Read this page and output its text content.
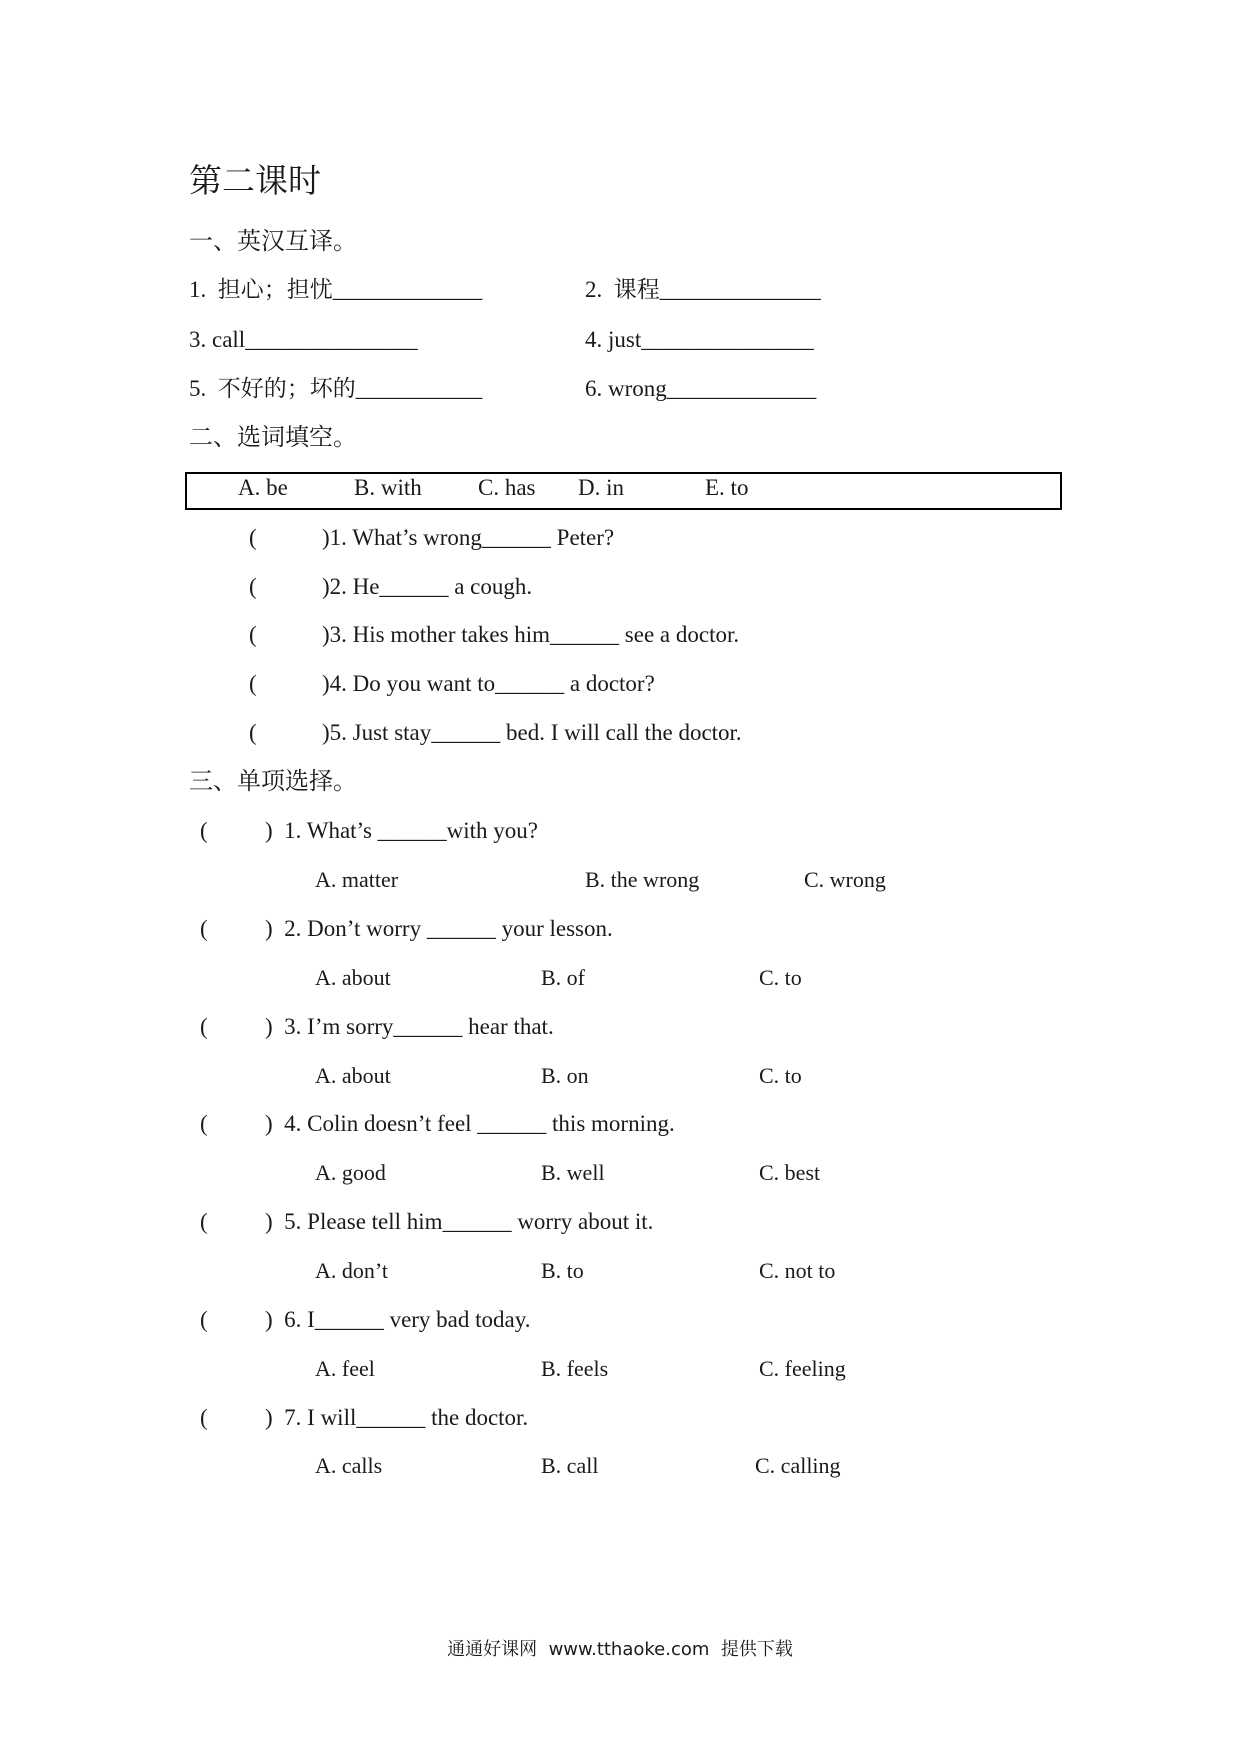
第二课时
一、英汉互译。
1.  担心；担忧_____________	2.  课程______________
3. call_______________	4. just_______________
5.  不好的；坏的___________	6. wrong_____________
二、选词填空。
A. be	B. with C. has D. in	E. to
(	)1. What’s wrong______ Peter?
(	)2. He______ a cough.
(	)3. His mother takes him______ see a doctor.
(	)4. Do you want to______ a doctor?
(	)5. Just stay______ bed. I will call the doctor.
三、单项选择。
( )  1. What’s ______with you?
A. matter	B. the wrong	C. wrong
( )  2. Don’t worry ______ your lesson.
A. about	B. of	C. to
( )  3. I’m sorry______ hear that.
A. about	B. on	C. to
( )  4. Colin doesn’t feel ______ this morning.
A. good	B. well	C. best
( )  5. Please tell him______ worry about it.
A. don’t	B. to	C. not to
( )  6. I______ very bad today.
A. feel	B. feels	C. feeling
( )  7. I will______ the doctor.
A. calls	B. call	C. calling
通通好课网  www.tthaoke.com  提供下载
